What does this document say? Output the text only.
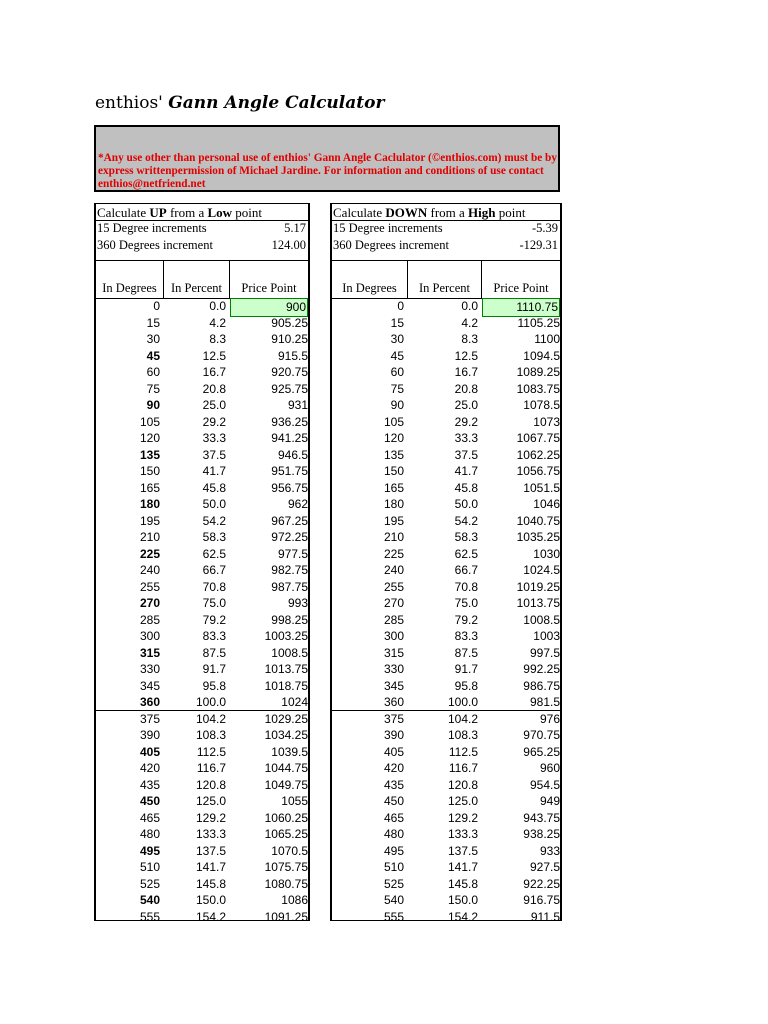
enthios' Gann Angle Calculator
*Any use other than personal use of enthios' Gann Angle Caclulator (©enthios.com) must be by express writtenpermission of Michael Jardine. For information and conditions of use contact enthios@netfriend.net
Calculate UP from a Low point
15 Degree increments	5.17
360 Degrees increment	124.00
In Degrees	In Percent	Price Point
0	0.0	900
15	4.2	905.25
30	8.3	910.25
45	12.5	915.5
60	16.7	920.75
75	20.8	925.75
90	25.0	931
105	29.2	936.25
120	33.3	941.25
135	37.5	946.5
150	41.7	951.75
165	45.8	956.75
180	50.0	962
195	54.2	967.25
210	58.3	972.25
225	62.5	977.5
240	66.7	982.75
255	70.8	987.75
270	75.0	993
285	79.2	998.25
300	83.3	1003.25
315	87.5	1008.5
330	91.7	1013.75
345	95.8	1018.75
360	100.0	1024
375	104.2	1029.25
390	108.3	1034.25
405	112.5	1039.5
420	116.7	1044.75
435	120.8	1049.75
450	125.0	1055
465	129.2	1060.25
480	133.3	1065.25
495	137.5	1070.5
510	141.7	1075.75
525	145.8	1080.75
540	150.0	1086
555	154.2	1091.25
Calculate DOWN from a High point
15 Degree increments	-5.39
360 Degrees increment	-129.31
In Degrees	In Percent	Price Point
0	0.0	1110.75
15	4.2	1105.25
30	8.3	1100
45	12.5	1094.5
60	16.7	1089.25
75	20.8	1083.75
90	25.0	1078.5
105	29.2	1073
120	33.3	1067.75
135	37.5	1062.25
150	41.7	1056.75
165	45.8	1051.5
180	50.0	1046
195	54.2	1040.75
210	58.3	1035.25
225	62.5	1030
240	66.7	1024.5
255	70.8	1019.25
270	75.0	1013.75
285	79.2	1008.5
300	83.3	1003
315	87.5	997.5
330	91.7	992.25
345	95.8	986.75
360	100.0	981.5
375	104.2	976
390	108.3	970.75
405	112.5	965.25
420	116.7	960
435	120.8	954.5
450	125.0	949
465	129.2	943.75
480	133.3	938.25
495	137.5	933
510	141.7	927.5
525	145.8	922.25
540	150.0	916.75
555	154.2	911.5
